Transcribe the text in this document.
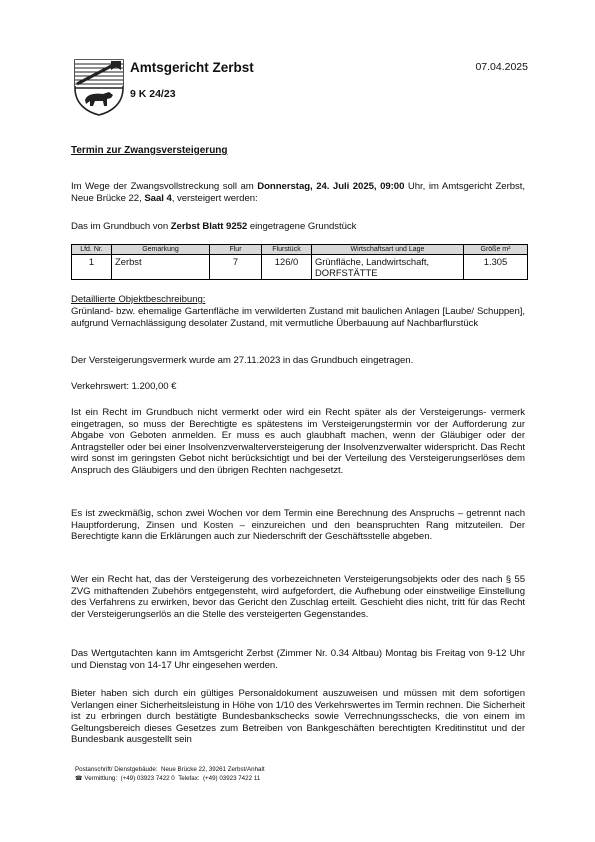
Amtsgericht Zerbst
9 K 24/23
07.04.2025
Termin zur Zwangsversteigerung
Im Wege der Zwangsvollstreckung soll am Donnerstag, 24. Juli 2025, 09:00 Uhr, im Amtsgericht Zerbst, Neue Brücke 22, Saal 4, versteigert werden:
Das im Grundbuch von Zerbst Blatt 9252 eingetragene Grundstück
Lfd. Nr.	Gemarkung	Flur	Flurstück	Wirtschaftsart und Lage	Größe m²
1	Zerbst	7	126/0	Grünfläche, Landwirtschaft, DORFSTÄTTE	1.305
Detaillierte Objektbeschreibung:
Grünland- bzw. ehemalige Gartenfläche im verwilderten Zustand mit baulichen Anlagen [Laube/ Schuppen], aufgrund Vernachlässigung desolater Zustand, mit vermutliche Überbauung auf Nachbarflurstück
Der Versteigerungsvermerk wurde am 27.11.2023 in das Grundbuch eingetragen.
Verkehrswert: 1.200,00 €
Ist ein Recht im Grundbuch nicht vermerkt oder wird ein Recht später als der Versteigerungs- vermerk eingetragen, so muss der Berechtigte es spätestens im Versteigerungstermin vor der Aufforderung zur Abgabe von Geboten anmelden. Er muss es auch glaubhaft machen, wenn der Gläubiger oder der Antragsteller oder bei einer Insolvenzverwalterversteigerung der Insolvenzverwalter widerspricht. Das Recht wird sonst im geringsten Gebot nicht berücksichtigt und bei der Verteilung des Versteigerungserlöses dem Anspruch des Gläubigers und den übrigen Rechten nachgesetzt.
Es ist zweckmäßig, schon zwei Wochen vor dem Termin eine Berechnung des Anspruchs – getrennt nach Hauptforderung, Zinsen und Kosten – einzureichen und den beanspruchten Rang mitzuteilen. Der Berechtigte kann die Erklärungen auch zur Niederschrift der Geschäftsstelle abgeben.
Wer ein Recht hat, das der Versteigerung des vorbezeichneten Versteigerungsobjekts oder des nach § 55 ZVG mithaftenden Zubehörs entgegensteht, wird aufgefordert, die Aufhebung oder einstweilige Einstellung des Verfahrens zu erwirken, bevor das Gericht den Zuschlag erteilt. Geschieht dies nicht, tritt für das Recht der Versteigerungserlös an die Stelle des versteigerten Gegenstandes.
Das Wertgutachten kann im Amtsgericht Zerbst (Zimmer Nr. 0.34 Altbau) Montag bis Freitag von 9-12 Uhr und Dienstag von 14-17 Uhr eingesehen werden.
Bieter haben sich durch ein gültiges Personaldokument auszuweisen und müssen mit dem sofortigen Verlangen einer Sicherheitsleistung in Höhe von 1/10 des Verkehrswertes im Termin rechnen. Die Sicherheit ist zu erbringen durch bestätigte Bundesbankschecks sowie Verrechnungsschecks, die von einem im Geltungsbereich dieses Gesetzes zum Betreiben von Bankgeschäften berechtigten Kreditinstitut und der Bundesbank ausgestellt sein
Postanschrift/ Dienstgebäude: Neue Brücke 22, 39261 Zerbst/Anhalt
☎ Vermittlung: (+49) 03923 7422 0 Telefax: (+49) 03923 7422 11
